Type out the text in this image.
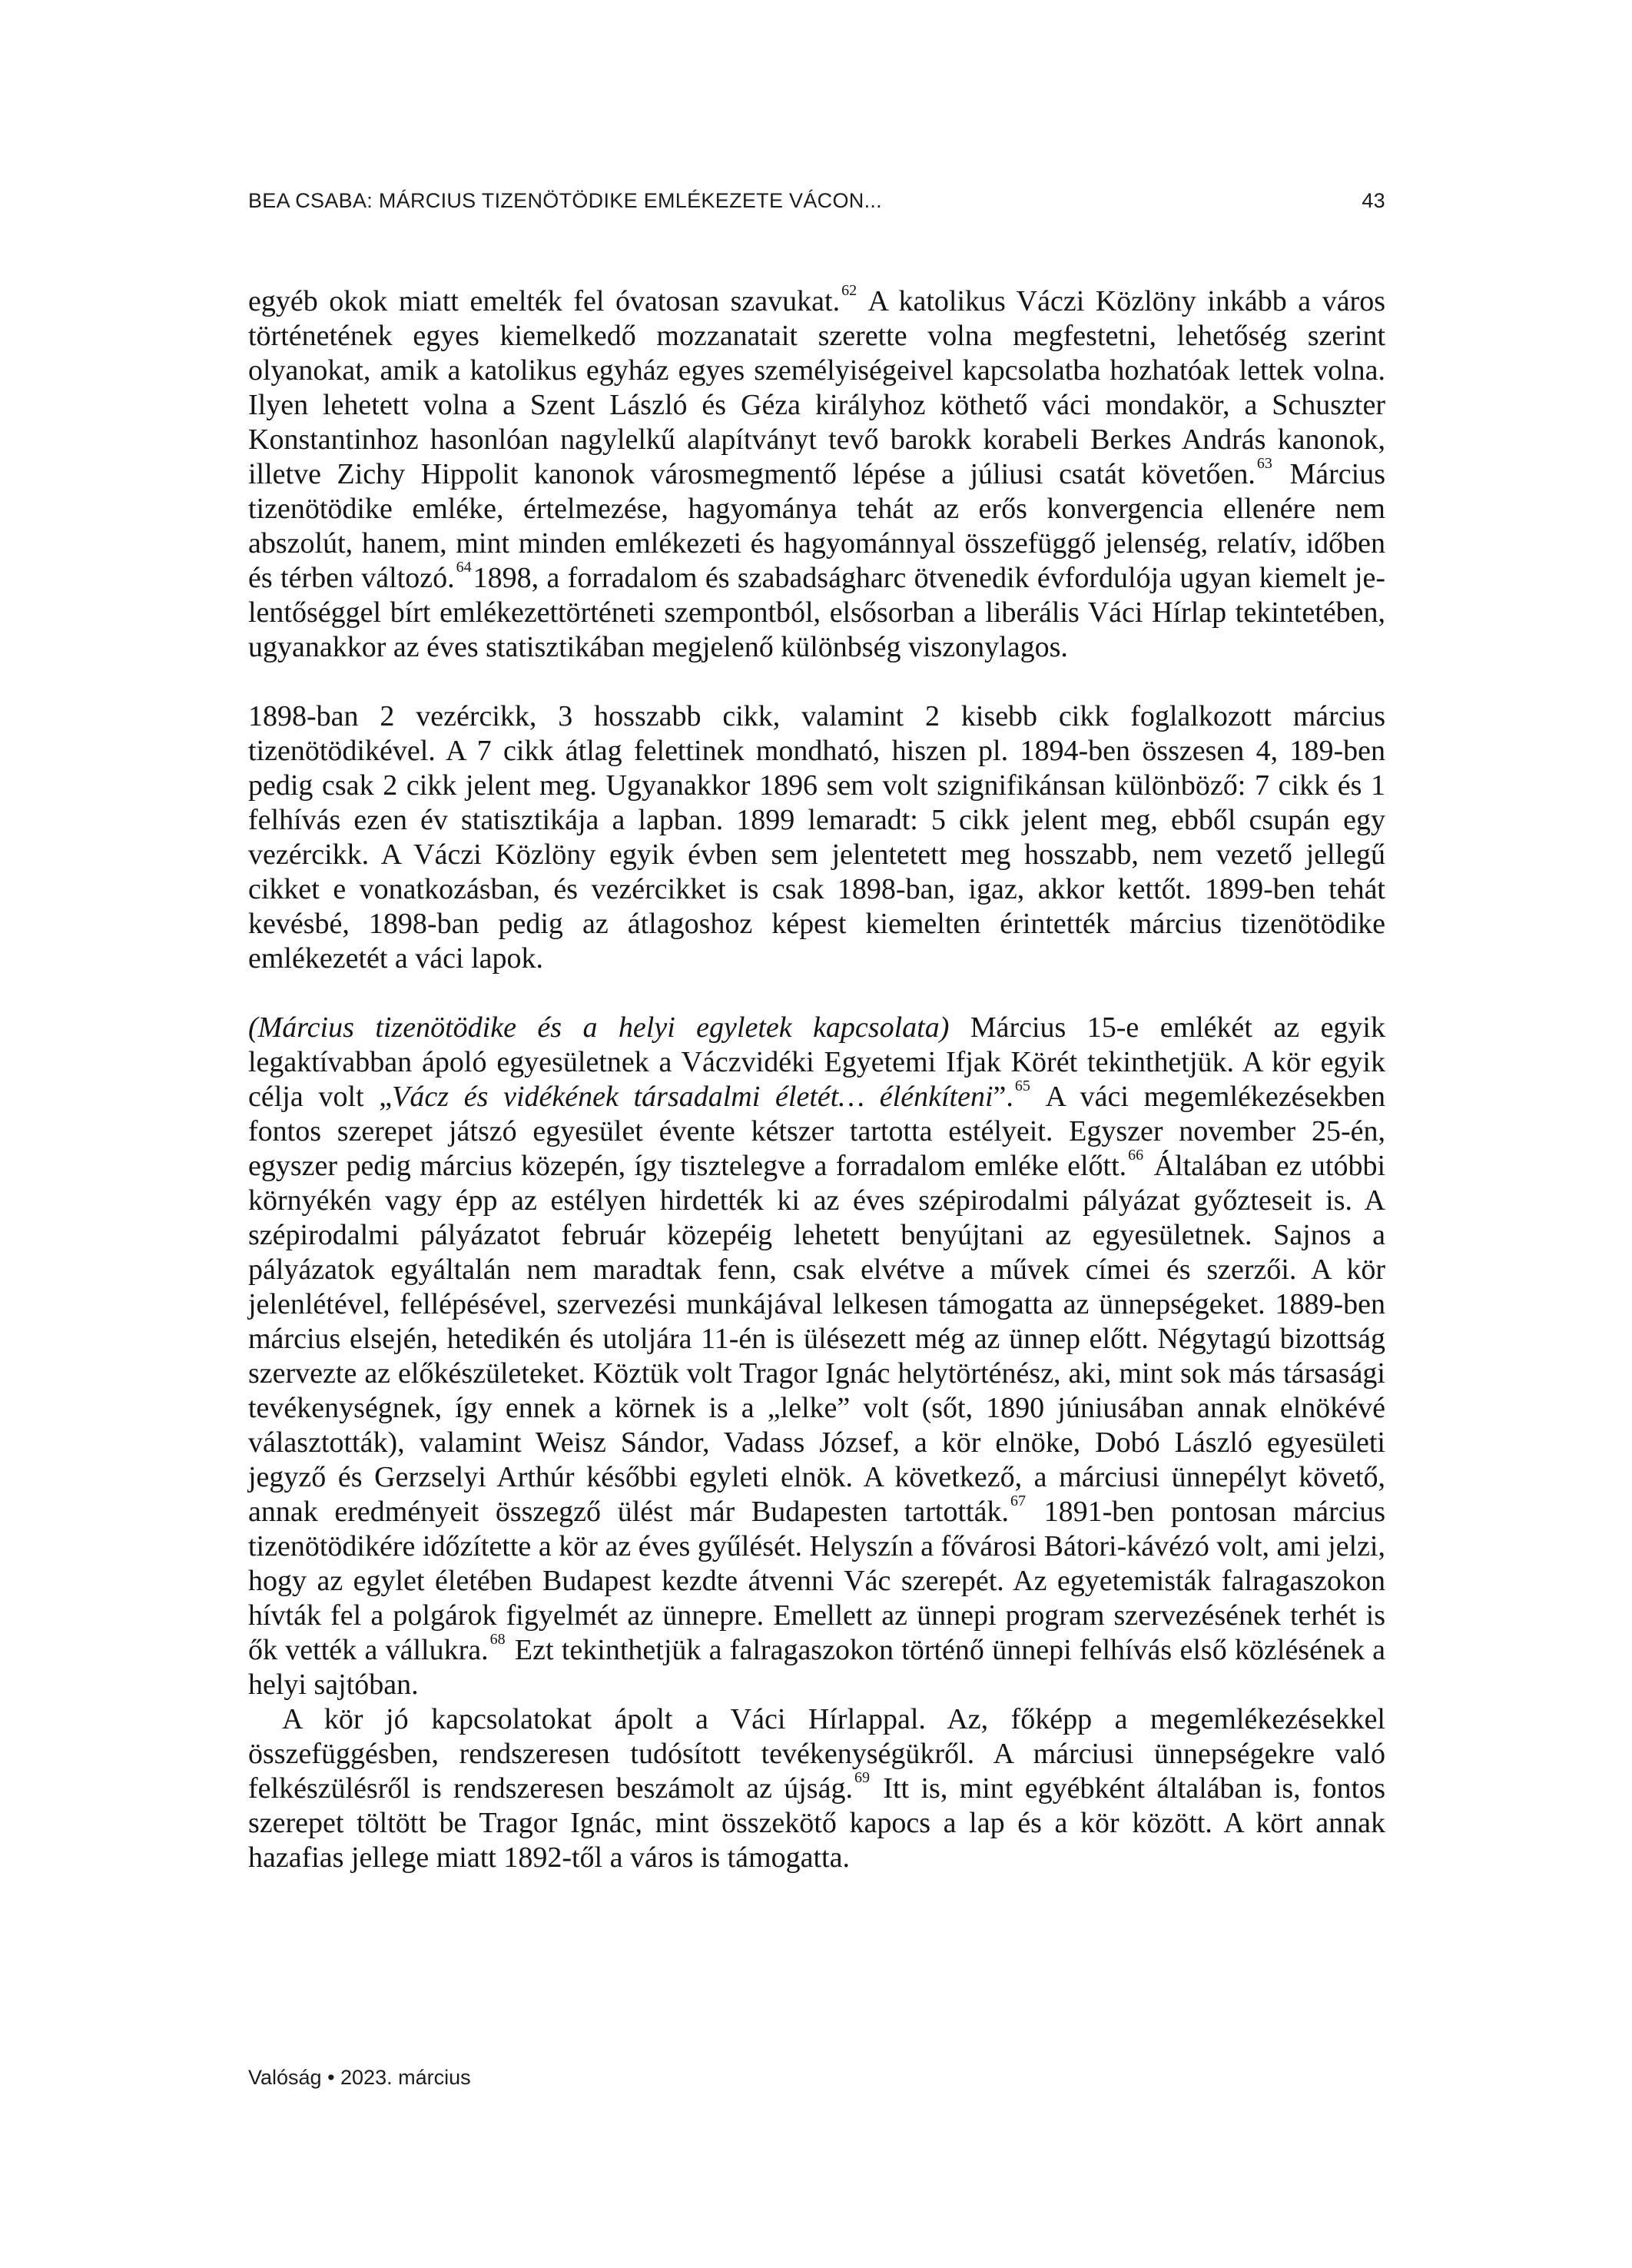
BEA CSABA: MÁRCIUS TIZENÖTÖDIKE EMLÉKEZETE VÁCON...	43

egyéb okok miatt emelték fel óvatosan szavukat. $^{62}$ A katolikus Váczi Közlöny inkább a város történetének egyes kiemelkedő mozzanatait szerette volna megfestetni, lehetőség szerint olyanokat, amik a katolikus egyház egyes személyiségeivel kapcsolatba hozhatóak lettek volna. Ilyen lehetett volna a Szent László és Géza királyhoz köthető váci mondakör, a Schuszter Konstantinhoz hasonlóan nagylelkű alapítványt tevő barokk korabeli Berkes András kanonok, illetve Zichy Hippolit kanonok városmegmentő lépése a júliusi csatát követően. $^{63}$ Március tizenötödike emléke, értelmezése, hagyománya tehát az erős konvergencia ellenére nem abszolút, hanem, mint minden emlékezeti és hagyománnyal összefüggő jelenség, relatív, időben és térben változó. $^{64}$1898, a forradalom és szabadságharc ötvenedik évfordulója ugyan kiemelt jelentőséggel bírt emlékezettörténeti szempontból, elsősorban a liberális Váci Hírlap tekintetében, ugyanakkor az éves statisztikában megjelenő különbség viszonylagos.

1898-ban 2 vezércikk, 3 hosszabb cikk, valamint 2 kisebb cikk foglalkozott március tizenötödikével. A 7 cikk átlag felettinek mondható, hiszen pl. 1894-ben összesen 4, 189-ben pedig csak 2 cikk jelent meg. Ugyanakkor 1896 sem volt szignifikánsan különböző: 7 cikk és 1 felhívás ezen év statisztikája a lapban. 1899 lemaradt: 5 cikk jelent meg, ebből csupán egy vezércikk. A Váczi Közlöny egyik évben sem jelentetett meg hosszabb, nem vezető jellegű cikket e vonatkozásban, és vezércikket is csak 1898-ban, igaz, akkor kettőt. 1899-ben tehát kevésbé, 1898-ban pedig az átlagoshoz képest kiemelten érintették március tizenötödike emlékezetét a váci lapok.

(Március tizenötödike és a helyi egyletek kapcsolata) Március 15-e emlékét az egyik legaktívabban ápoló egyesületnek a Váczvidéki Egyetemi Ifjak Körét tekinthetjük. A kör egyik célja volt „Vácz és vidékének társadalmi életét… élénkíteni”. $^{65}$ A váci megemlékezésekben fontos szerepet játszó egyesület évente kétszer tartotta estélyeit. Egyszer november 25-én, egyszer pedig március közepén, így tisztelegve a forradalom emléke előtt. $^{66}$ Általában ez utóbbi környékén vagy épp az estélyen hirdették ki az éves szépirodalmi pályázat győzteseit is. A szépirodalmi pályázatot február közepéig lehetett benyújtani az egyesületnek. Sajnos a pályázatok egyáltalán nem maradtak fenn, csak elvétve a művek címei és szerzői. A kör jelenlétével, fellépésével, szervezési munkájával lelkesen támogatta az ünnepségeket. 1889-ben március elsején, hetedikén és utoljára 11-én is ülésezett még az ünnep előtt. Négytagú bizottság szervezte az előkészületeket. Köztük volt Tragor Ignác helytörténész, aki, mint sok más társasági tevékenységnek, így ennek a körnek is a „lelke” volt (sőt, 1890 júniusában annak elnökévé választották), valamint Weisz Sándor, Vadass József, a kör elnöke, Dobó László egyesületi jegyző és Gerzselyi Arthúr későbbi egyleti elnök. A következő, a márciusi ünnepélyt követő, annak eredményeit összegző ülést már Budapesten tartották. $^{67}$ 1891-ben pontosan március tizenötödikére időzítette a kör az éves gyűlését. Helyszín a fővárosi Bátori-kávézó volt, ami jelzi, hogy az egylet életében Budapest kezdte átvenni Vác szerepét. Az egyetemisták falragaszokon hívták fel a polgárok figyelmét az ünnepre. Emellett az ünnepi program szervezésének terhét is ők vették a vállukra. $^{68}$ Ezt tekinthetjük a falragaszokon történő ünnepi felhívás első közlésének a helyi sajtóban.

A kör jó kapcsolatokat ápolt a Váci Hírlappal. Az, főképp a megemlékezésekkel összefüggésben, rendszeresen tudósított tevékenységükről. A márciusi ünnepségekre való felkészülésről is rendszeresen beszámolt az újság. $^{69}$ Itt is, mint egyébként általában is, fontos szerepet töltött be Tragor Ignác, mint összekötő kapocs a lap és a kör között. A kört annak hazafias jellege miatt 1892-től a város is támogatta.

Valóság • 2023. március
